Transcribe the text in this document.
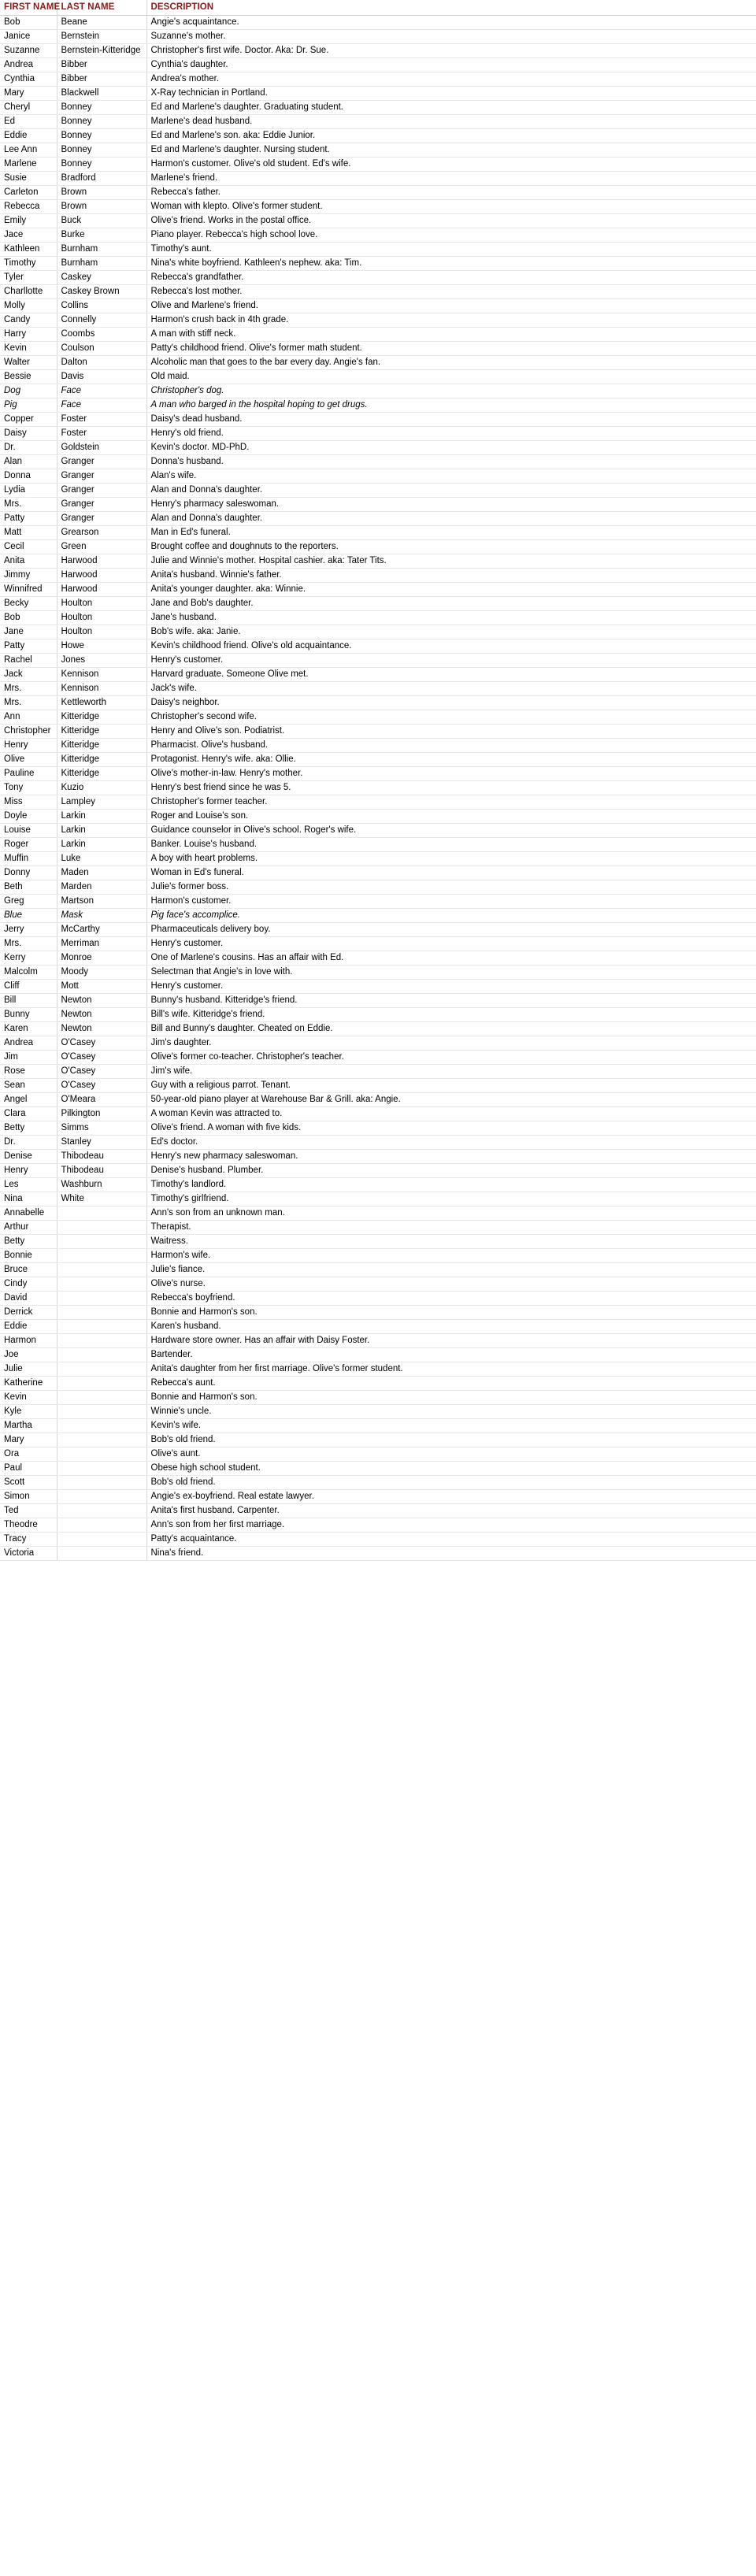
FIRST NAME	LAST NAME	DESCRIPTION
Bob	Beane	Angie's acquaintance.
Janice	Bernstein	Suzanne's mother.
Suzanne	Bernstein-Kitteridge	Christopher's first wife. Doctor. Aka: Dr. Sue.
Andrea	Bibber	Cynthia's daughter.
Cynthia	Bibber	Andrea's mother.
Mary	Blackwell	X-Ray technician in Portland.
Cheryl	Bonney	Ed and Marlene's daughter. Graduating student.
Ed	Bonney	Marlene's dead husband.
Eddie	Bonney	Ed and Marlene's son. aka: Eddie Junior.
Lee Ann	Bonney	Ed and Marlene's daughter. Nursing student.
Marlene	Bonney	Harmon's customer. Olive's old student. Ed's wife.
Susie	Bradford	Marlene's friend.
Carleton	Brown	Rebecca's father.
Rebecca	Brown	Woman with klepto. Olive's former student.
Emily	Buck	Olive's friend. Works in the postal office.
Jace	Burke	Piano player. Rebecca's high school love.
Kathleen	Burnham	Timothy's aunt.
Timothy	Burnham	Nina's white boyfriend. Kathleen's nephew. aka: Tim.
Tyler	Caskey	Rebecca's grandfather.
Charllotte	Caskey Brown	Rebecca's lost mother.
Molly	Collins	Olive and Marlene's friend.
Candy	Connelly	Harmon's crush back in 4th grade.
Harry	Coombs	A man with stiff neck.
Kevin	Coulson	Patty's childhood friend. Olive's former math student.
Walter	Dalton	Alcoholic man that goes to the bar every day. Angie's fan.
Bessie	Davis	Old maid.
Dog	Face	Christopher's dog.
Pig	Face	A man who barged in the hospital hoping to get drugs.
Copper	Foster	Daisy's dead husband.
Daisy	Foster	Henry's old friend.
Dr.	Goldstein	Kevin's doctor. MD-PhD.
Alan	Granger	Donna's husband.
Donna	Granger	Alan's wife.
Lydia	Granger	Alan and Donna's daughter.
Mrs.	Granger	Henry's pharmacy saleswoman.
Patty	Granger	Alan and Donna's daughter.
Matt	Grearson	Man in Ed's funeral.
Cecil	Green	Brought coffee and doughnuts to the reporters.
Anita	Harwood	Julie and Winnie's mother. Hospital cashier. aka: Tater Tits.
Jimmy	Harwood	Anita's husband. Winnie's father.
Winnifred	Harwood	Anita's younger daughter. aka: Winnie.
Becky	Houlton	Jane and Bob's daughter.
Bob	Houlton	Jane's husband.
Jane	Houlton	Bob's wife. aka: Janie.
Patty	Howe	Kevin's childhood friend. Olive's old acquaintance.
Rachel	Jones	Henry's customer.
Jack	Kennison	Harvard graduate. Someone Olive met.
Mrs.	Kennison	Jack's wife.
Mrs.	Kettleworth	Daisy's neighbor.
Ann	Kitteridge	Christopher's second wife.
Christopher	Kitteridge	Henry and Olive's son. Podiatrist.
Henry	Kitteridge	Pharmacist. Olive's husband.
Olive	Kitteridge	Protagonist. Henry's wife. aka: Ollie.
Pauline	Kitteridge	Olive's mother-in-law. Henry's mother.
Tony	Kuzio	Henry's best friend since he was 5.
Miss	Lampley	Christopher's former teacher.
Doyle	Larkin	Roger and Louise's son.
Louise	Larkin	Guidance counselor in Olive's school. Roger's wife.
Roger	Larkin	Banker. Louise's husband.
Muffin	Luke	A boy with heart problems.
Donny	Maden	Woman in Ed's funeral.
Beth	Marden	Julie's former boss.
Greg	Martson	Harmon's customer.
Blue	Mask	Pig face's accomplice.
Jerry	McCarthy	Pharmaceuticals delivery boy.
Mrs.	Merriman	Henry's customer.
Kerry	Monroe	One of Marlene's cousins. Has an affair with Ed.
Malcolm	Moody	Selectman that Angie's in love with.
Cliff	Mott	Henry's customer.
Bill	Newton	Bunny's husband. Kitteridge's friend.
Bunny	Newton	Bill's wife. Kitteridge's friend.
Karen	Newton	Bill and Bunny's daughter. Cheated on Eddie.
Andrea	O'Casey	Jim's daughter.
Jim	O'Casey	Olive's former co-teacher. Christopher's teacher.
Rose	O'Casey	Jim's wife.
Sean	O'Casey	Guy with a religious parrot. Tenant.
Angel	O'Meara	50-year-old piano player at Warehouse Bar & Grill. aka: Angie.
Clara	Pilkington	A woman Kevin was attracted to.
Betty	Simms	Olive's friend. A woman with five kids.
Dr.	Stanley	Ed's doctor.
Denise	Thibodeau	Henry's new pharmacy saleswoman.
Henry	Thibodeau	Denise's husband. Plumber.
Les	Washburn	Timothy's landlord.
Nina	White	Timothy's girlfriend.
Annabelle		Ann's son from an unknown man.
Arthur		Therapist.
Betty		Waitress.
Bonnie		Harmon's wife.
Bruce		Julie's fiance.
Cindy		Olive's nurse.
David		Rebecca's boyfriend.
Derrick		Bonnie and Harmon's son.
Eddie		Karen's husband.
Harmon		Hardware store owner. Has an affair with Daisy Foster.
Joe		Bartender.
Julie		Anita's daughter from her first marriage. Olive's former student.
Katherine		Rebecca's aunt.
Kevin		Bonnie and Harmon's son.
Kyle		Winnie's uncle.
Martha		Kevin's wife.
Mary		Bob's old friend.
Ora		Olive's aunt.
Paul		Obese high school student.
Scott		Bob's old friend.
Simon		Angie's ex-boyfriend. Real estate lawyer.
Ted		Anita's first husband. Carpenter.
Theodre		Ann's son from her first marriage.
Tracy		Patty's acquaintance.
Victoria		Nina's friend.
